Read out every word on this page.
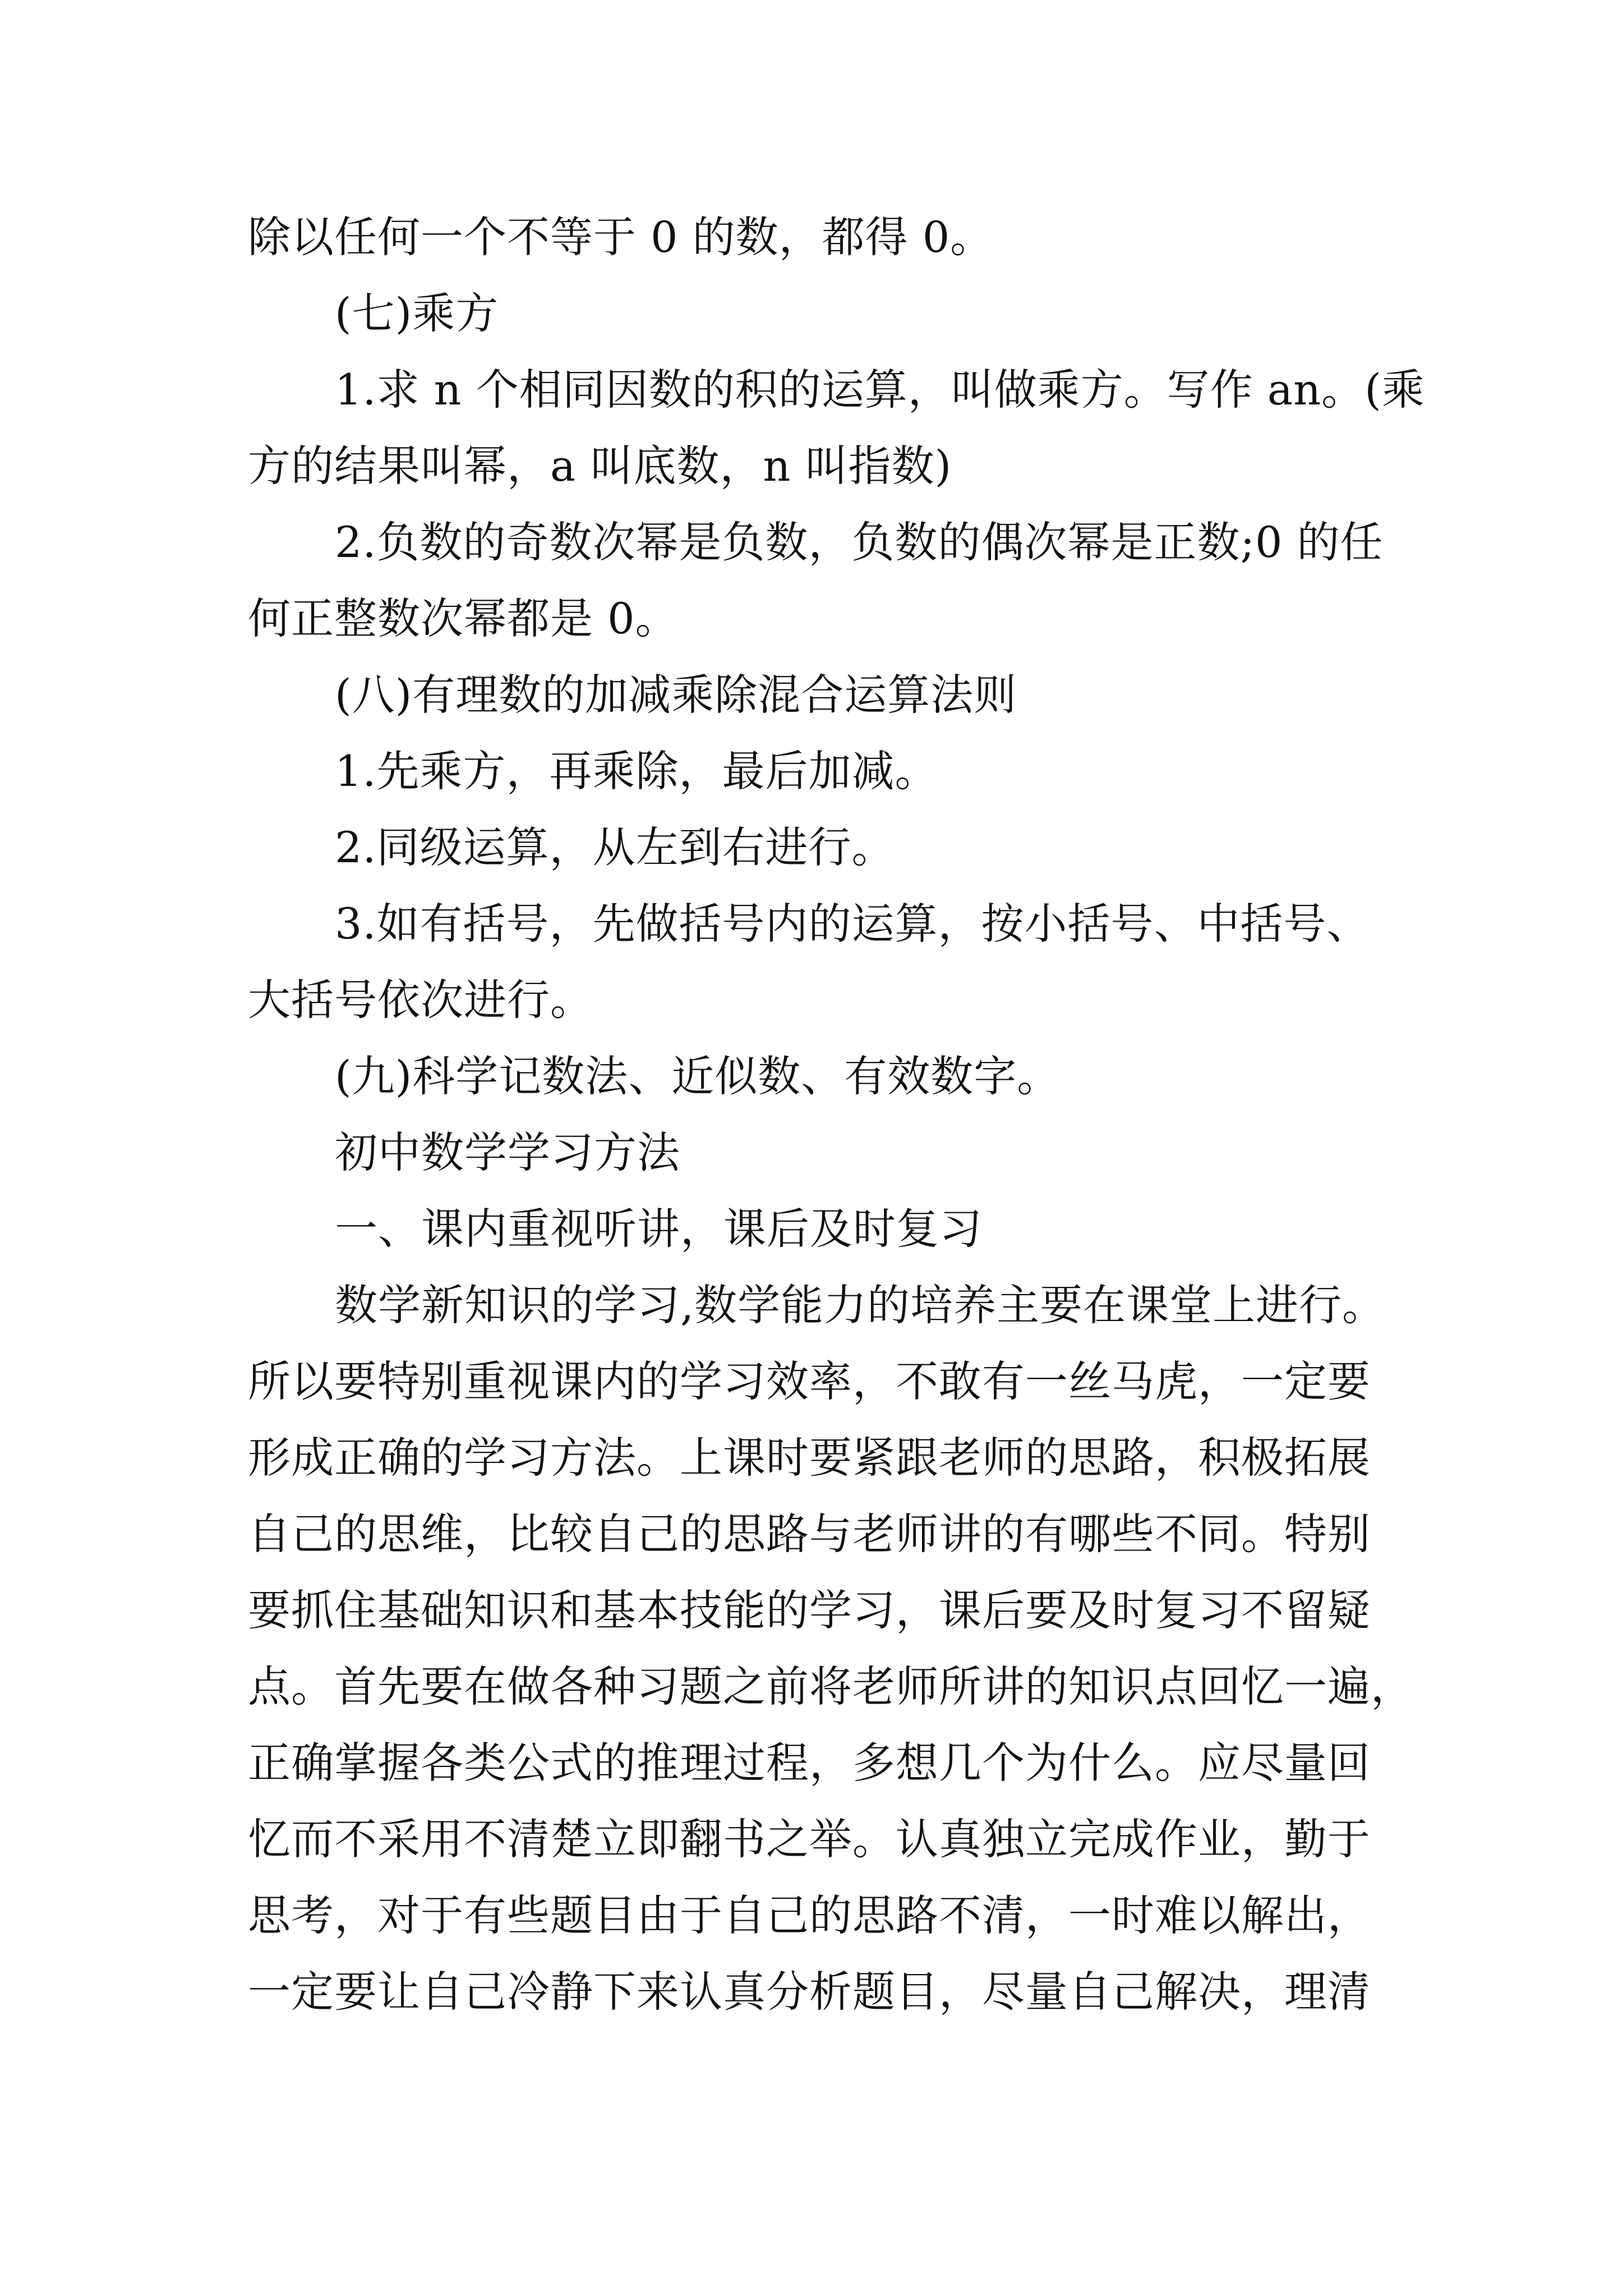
除以任何一个不等于 0 的数，都得 0。
(七)乘方
1.求 n 个相同因数的积的运算，叫做乘方。写作 an。(乘
方的结果叫幂，a 叫底数，n 叫指数)
2.负数的奇数次幂是负数，负数的偶次幂是正数;0 的任
何正整数次幂都是 0。
(八)有理数的加减乘除混合运算法则
1.先乘方，再乘除，最后加减。
2.同级运算，从左到右进行。
3.如有括号，先做括号内的运算，按小括号、中括号、
大括号依次进行。
(九)科学记数法、近似数、有效数字。
初中数学学习方法
一、课内重视听讲，课后及时复习
数学新知识的学习,数学能力的培养主要在课堂上进行。
所以要特别重视课内的学习效率，不敢有一丝马虎，一定要
形成正确的学习方法。上课时要紧跟老师的思路，积极拓展
自己的思维，比较自己的思路与老师讲的有哪些不同。特别
要抓住基础知识和基本技能的学习，课后要及时复习不留疑
点。首先要在做各种习题之前将老师所讲的知识点回忆一遍，
正确掌握各类公式的推理过程，多想几个为什么。应尽量回
忆而不采用不清楚立即翻书之举。认真独立完成作业，勤于
思考，对于有些题目由于自己的思路不清，一时难以解出，
一定要让自己冷静下来认真分析题目，尽量自己解决，理清
